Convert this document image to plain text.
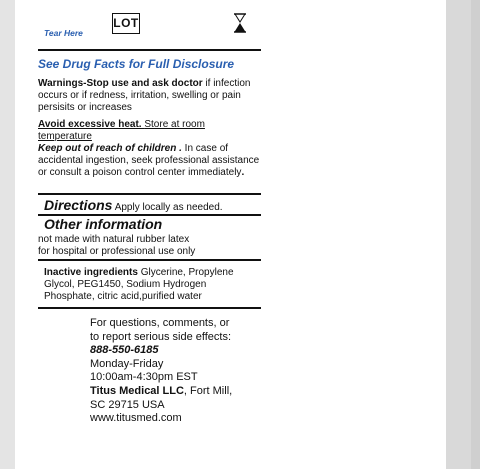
Tear Here
LOT
See Drug Facts for Full Disclosure
Warnings-Stop use and ask doctor if infection occurs or if redness, irritation, swelling or pain persisits or increases
Avoid excessive heat. Store at room temperature
Keep out of reach of children . In case of accidental ingestion, seek professional assistance or consult a poison control center immediately.
Directions Apply locally as needed.
Other information
not made with natural rubber latex
for hospital or professional use only
Inactive ingredients Glycerine, Propylene Glycol, PEG1450, Sodium Hydrogen Phosphate, citric acid,purified water
For questions, comments, or
to report serious side effects:
888-550-6185
Monday-Friday
10:00am-4:30pm EST
Titus Medical LLC, Fort Mill,
SC 29715 USA
www.titusmed.com
